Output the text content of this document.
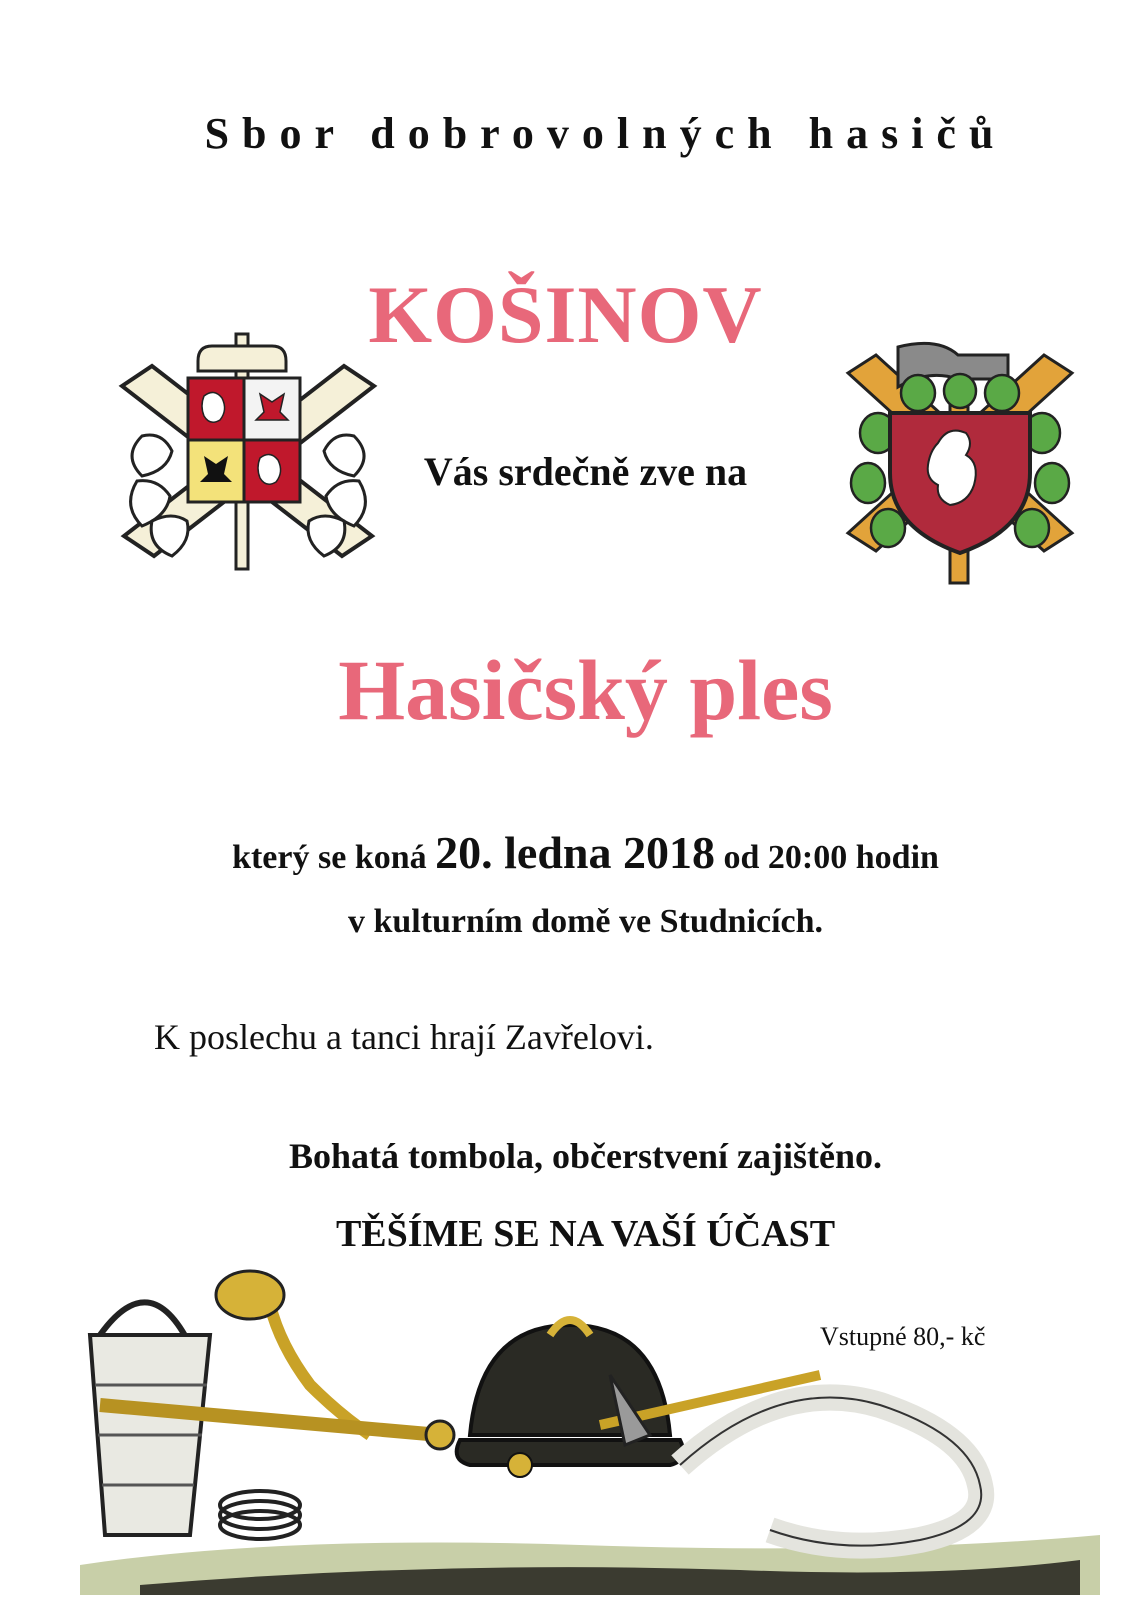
Sbor dobrovolných hasičů
KOŠINOV
Vás srdečně zve na
Hasičský ples
který se koná 20. ledna 2018 od 20:00 hodin
v kulturním domě ve Studnicích.
K poslechu a tanci hrají Zavřelovi.
Bohatá tombola, občerstvení zajištěno.
TĚŠÍME SE NA VAŠÍ ÚČAST
Vstupné 80,- kč
